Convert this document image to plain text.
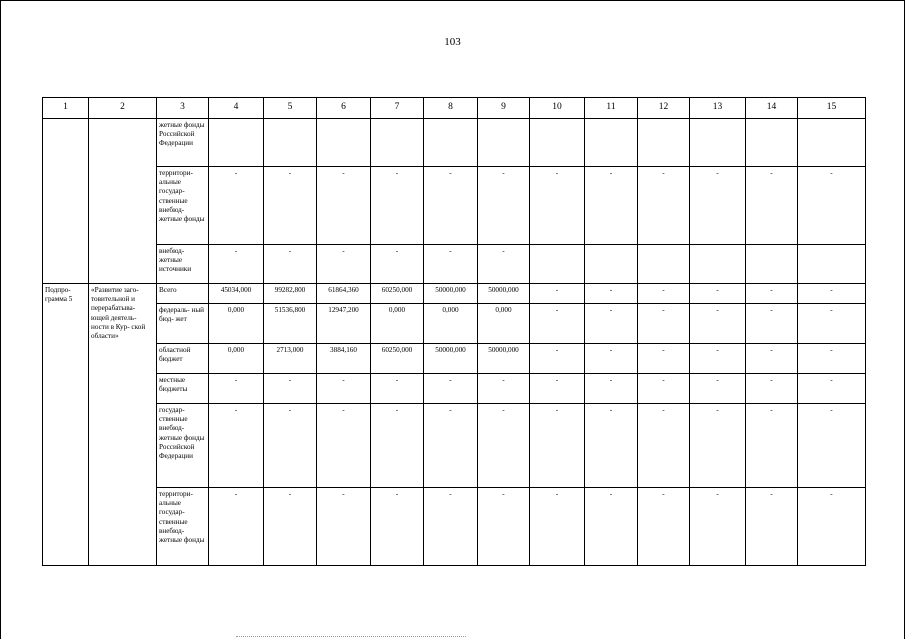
103
1	2	3	4	5	6	7	8	9	10	11	12	13	14	15
		жетные фонды Российской Федерации												
		территори- альные государ- ственные внебюд- жетные фонды	-	-	-	-	-	-	-	-	-	-	-	-
		внебюд- жетные источники	-	-	-	-	-	-						
Подпро- грамма 5	«Развитие заго- товительной и перерабатыва- ющей деятель- ности в Кур- ской области»	Всего	45034,000	99282,800	61864,360	60250,000	50000,000	50000,000	-	-	-	-	-	-
		федераль- ный бюд- жет	0,000	51536,800	12947,200	0,000	0,000	0,000	-	-	-	-	-	-
		областной бюджет	0,000	2713,000	3884,160	60250,000	50000,000	50000,000	-	-	-	-	-	-
		местные бюджеты	-	-	-	-	-	-	-	-	-	-	-	-
		государ- ственные внебюд- жетные фонды Российской Федерации	-	-	-	-	-	-	-	-	-	-	-	-
		территори- альные государ- ственные внебюд- жетные фонды	-	-	-	-	-	-	-	-	-	-	-	-
